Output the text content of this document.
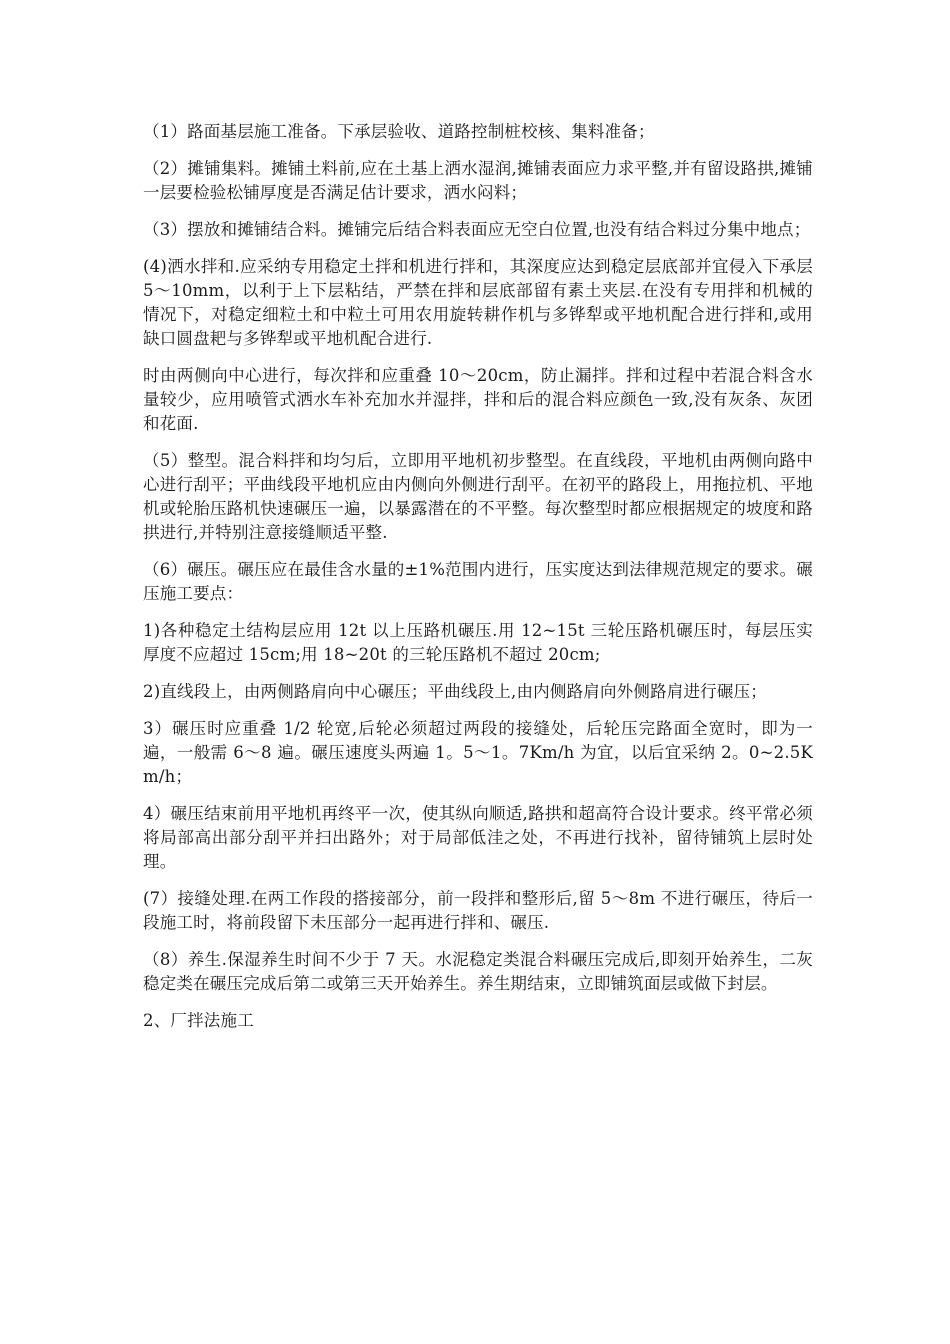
（1）路面基层施工准备。下承层验收、道路控制桩校核、集料准备；

（2）摊铺集料。摊铺土料前,应在土基上洒水湿润,摊铺表面应力求平整,并有留设路拱,摊铺一层要检验松铺厚度是否满足估计要求，洒水闷料；

（3）摆放和摊铺结合料。摊铺完后结合料表面应无空白位置,也没有结合料过分集中地点；

(4)洒水拌和.应采纳专用稳定土拌和机进行拌和，其深度应达到稳定层底部并宜侵入下承层 5～10mm，以利于上下层粘结，严禁在拌和层底部留有素土夹层.在没有专用拌和机械的情况下，对稳定细粒土和中粒土可用农用旋转耕作机与多铧犁或平地机配合进行拌和,或用缺口圆盘耙与多铧犁或平地机配合进行.

时由两侧向中心进行，每次拌和应重叠 10～20cm，防止漏拌。拌和过程中若混合料含水量较少，应用喷管式洒水车补充加水并湿拌，拌和后的混合料应颜色一致,没有灰条、灰团和花面.

（5）整型。混合料拌和均匀后，立即用平地机初步整型。在直线段，平地机由两侧向路中心进行刮平；平曲线段平地机应由内侧向外侧进行刮平。在初平的路段上，用拖拉机、平地机或轮胎压路机快速碾压一遍，以暴露潜在的不平整。每次整型时都应根据规定的坡度和路拱进行,并特别注意接缝顺适平整.

（6）碾压。碾压应在最佳含水量的±1%范围内进行，压实度达到法律规范规定的要求。碾压施工要点：

1)各种稳定土结构层应用 12t 以上压路机碾压.用 12~15t 三轮压路机碾压时，每层压实厚度不应超过 15cm;用 18~20t 的三轮压路机不超过 20cm;

2)直线段上，由两侧路肩向中心碾压；平曲线段上,由内侧路肩向外侧路肩进行碾压；

3）碾压时应重叠 1/2 轮宽,后轮必须超过两段的接缝处，后轮压完路面全宽时，即为一遍，一般需 6～8 遍。碾压速度头两遍 1。5～1。7Km/h 为宜，以后宜采纳 2。0~2.5Km/h；

4）碾压结束前用平地机再终平一次，使其纵向顺适,路拱和超高符合设计要求。终平常必须将局部高出部分刮平并扫出路外；对于局部低洼之处，不再进行找补，留待铺筑上层时处理。

(7）接缝处理.在两工作段的搭接部分，前一段拌和整形后,留 5～8m 不进行碾压，待后一段施工时，将前段留下未压部分一起再进行拌和、碾压.

（8）养生.保湿养生时间不少于 7 天。水泥稳定类混合料碾压完成后,即刻开始养生，二灰稳定类在碾压完成后第二或第三天开始养生。养生期结束，立即铺筑面层或做下封层。

2、厂拌法施工
